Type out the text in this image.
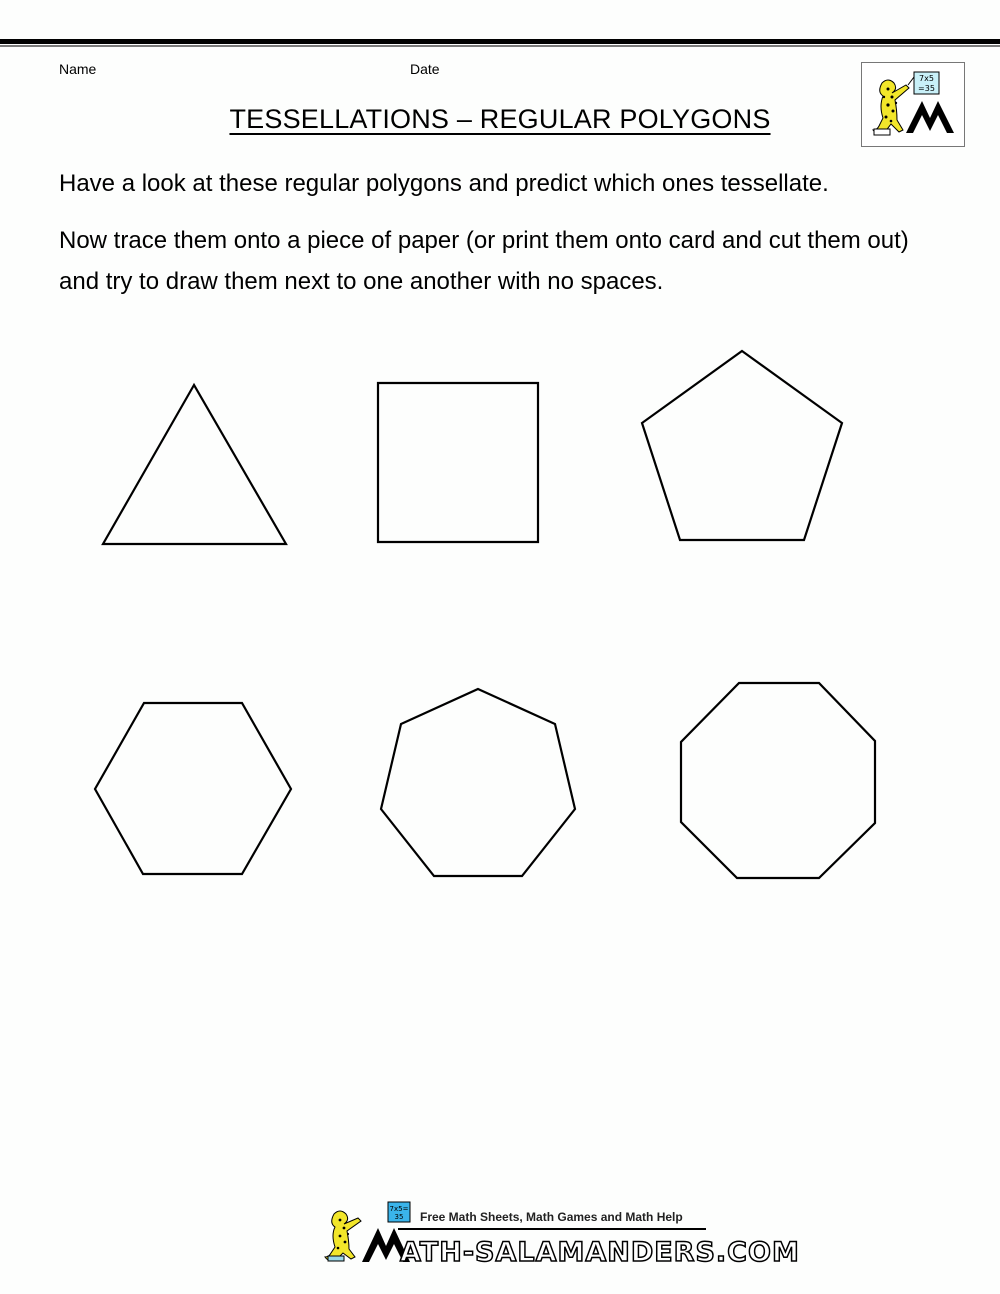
Name	Date
TESSELLATIONS – REGULAR POLYGONS
7x5
=35
Have a look at these regular polygons and predict which ones tessellate.
Now trace them onto a piece of paper (or print them onto card and cut them out) and try to draw them next to one another with no spaces.
7x5=
35 Free Math Sheets, Math Games and Math Help
ATH-SALAMANDERS.COM
